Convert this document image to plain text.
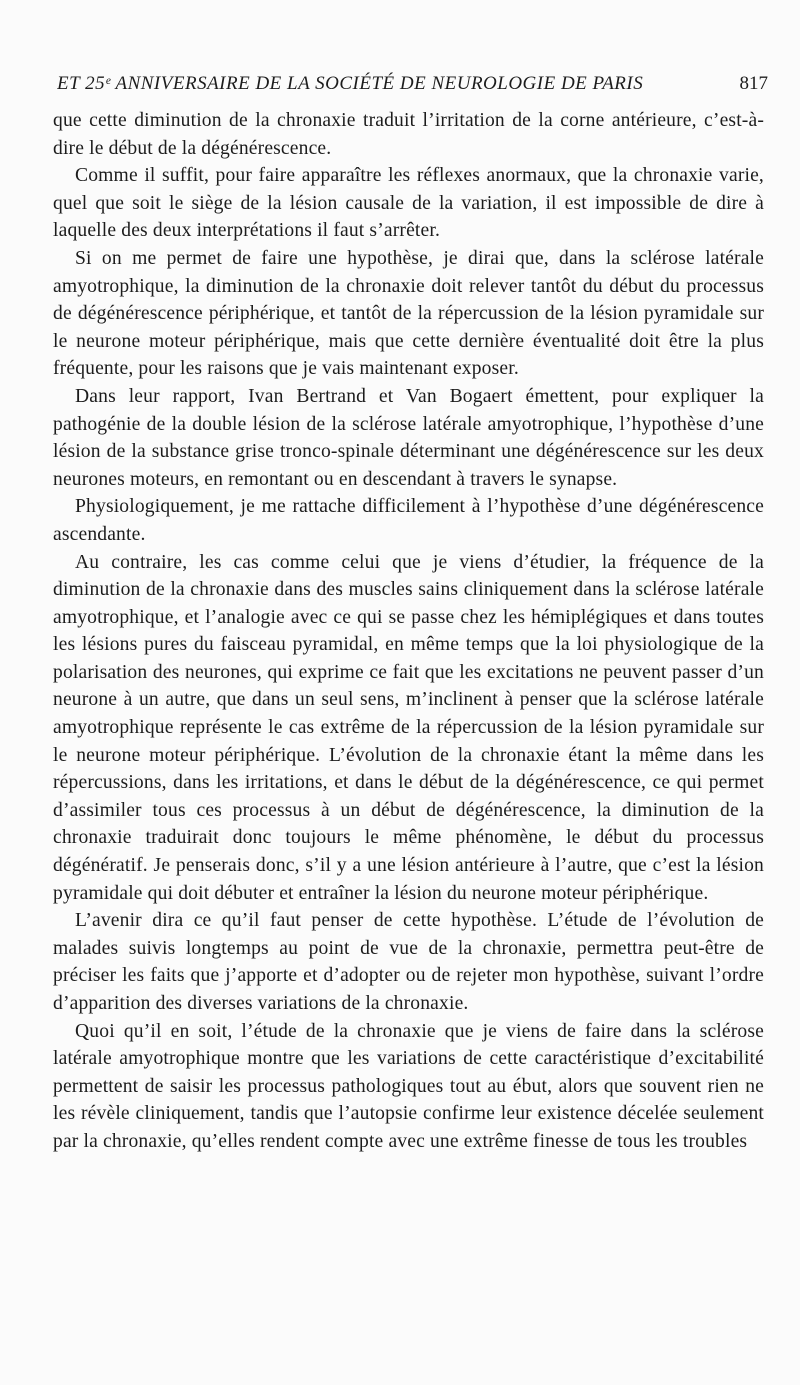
ET 25ᵉ ANNIVERSAIRE DE LA SOCIÉTÉ DE NEUROLOGIE DE PARIS	817

que cette diminution de la chronaxie traduit l’irritation de la corne antérieure, c’est-à-dire le début de la dégénérescence.

Comme il suffit, pour faire apparaître les réflexes anormaux, que la chronaxie varie, quel que soit le siège de la lésion causale de la variation, il est impossible de dire à laquelle des deux interprétations il faut s’arrêter.

Si on me permet de faire une hypothèse, je dirai que, dans la sclérose latérale amyotrophique, la diminution de la chronaxie doit relever tantôt du début du processus de dégénérescence périphérique, et tantôt de la répercussion de la lésion pyramidale sur le neurone moteur périphérique, mais que cette dernière éventualité doit être la plus fréquente, pour les raisons que je vais maintenant exposer.

Dans leur rapport, Ivan Bertrand et Van Bogaert émettent, pour expliquer la pathogénie de la double lésion de la sclérose latérale amyotrophique, l’hypothèse d’une lésion de la substance grise tronco-spinale déterminant une dégénérescence sur les deux neurones moteurs, en remontant ou en descendant à travers le synapse.

Physiologiquement, je me rattache difficilement à l’hypothèse d’une dégénérescence ascendante.

Au contraire, les cas comme celui que je viens d’étudier, la fréquence de la diminution de la chronaxie dans des muscles sains cliniquement dans la sclérose latérale amyotrophique, et l’analogie avec ce qui se passe chez les hémiplégiques et dans toutes les lésions pures du faisceau pyramidal, en même temps que la loi physiologique de la polarisation des neurones, qui exprime ce fait que les excitations ne peuvent passer d’un neurone à un autre, que dans un seul sens, m’inclinent à penser que la sclérose latérale amyotrophique représente le cas extrême de la répercussion de la lésion pyramidale sur le neurone moteur périphérique. L’évolution de la chronaxie étant la même dans les répercussions, dans les irritations, et dans le début de la dégénérescence, ce qui permet d’assimiler tous ces processus à un début de dégénérescence, la diminution de la chronaxie traduirait donc toujours le même phénomène, le début du processus dégénératif. Je penserais donc, s’il y a une lésion antérieure à l’autre, que c’est la lésion pyramidale qui doit débuter et entraîner la lésion du neurone moteur périphérique.

L’avenir dira ce qu’il faut penser de cette hypothèse. L’étude de l’évolution de malades suivis longtemps au point de vue de la chronaxie, permettra peut-être de préciser les faits que j’apporte et d’adopter ou de rejeter mon hypothèse, suivant l’ordre d’apparition des diverses variations de la chronaxie.

Quoi qu’il en soit, l’étude de la chronaxie que je viens de faire dans la sclérose latérale amyotrophique montre que les variations de cette caractéristique d’excitabilité permettent de saisir les processus pathologiques tout au ébut, alors que souvent rien ne les révèle cliniquement, tandis que l’autopsie confirme leur existence décelée seulement par la chronaxie, qu’elles rendent compte avec une extrême finesse de tous les troubles
